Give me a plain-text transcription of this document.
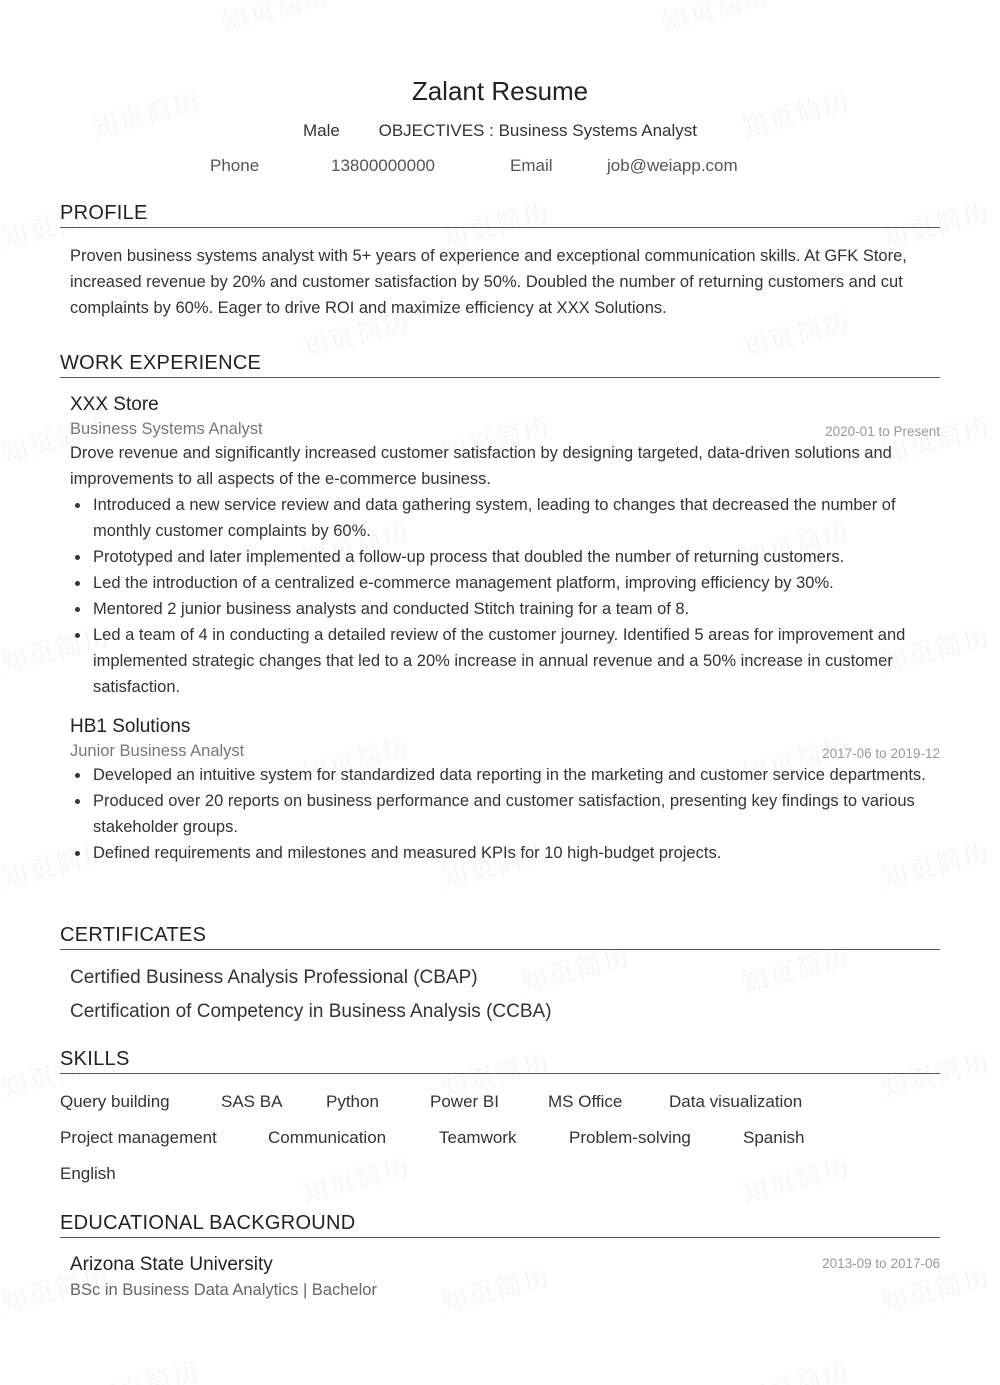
Zalant Resume
Male OBJECTIVES : Business Systems Analyst
Phone	13800000000	Email	job@weiapp.com
PROFILE
Proven business systems analyst with 5+ years of experience and exceptional communication skills. At GFK Store, increased revenue by 20% and customer satisfaction by 50%. Doubled the number of returning customers and cut complaints by 60%. Eager to drive ROI and maximize efficiency at XXX Solutions.
WORK EXPERIENCE
XXX Store
Business Systems Analyst	2020-01 to Present
Drove revenue and significantly increased customer satisfaction by designing targeted, data-driven solutions and improvements to all aspects of the e-commerce business.
Introduced a new service review and data gathering system, leading to changes that decreased the number of monthly customer complaints by 60%.
Prototyped and later implemented a follow-up process that doubled the number of returning customers.
Led the introduction of a centralized e-commerce management platform, improving efficiency by 30%.
Mentored 2 junior business analysts and conducted Stitch training for a team of 8.
Led a team of 4 in conducting a detailed review of the customer journey. Identified 5 areas for improvement and implemented strategic changes that led to a 20% increase in annual revenue and a 50% increase in customer satisfaction.
HB1 Solutions
Junior Business Analyst	2017-06 to 2019-12
Developed an intuitive system for standardized data reporting in the marketing and customer service departments.
Produced over 20 reports on business performance and customer satisfaction, presenting key findings to various stakeholder groups.
Defined requirements and milestones and measured KPIs for 10 high-budget projects.
CERTIFICATES
Certified Business Analysis Professional (CBAP)
Certification of Competency in Business Analysis (CCBA)
SKILLS
Query building	SAS BA	Python	Power BI	MS Office	Data visualization
Project management	Communication	Teamwork	Problem-solving	Spanish
English
EDUCATIONAL BACKGROUND
Arizona State University
BSc in Business Data Analytics | Bachelor
2013-09 to 2017-06
